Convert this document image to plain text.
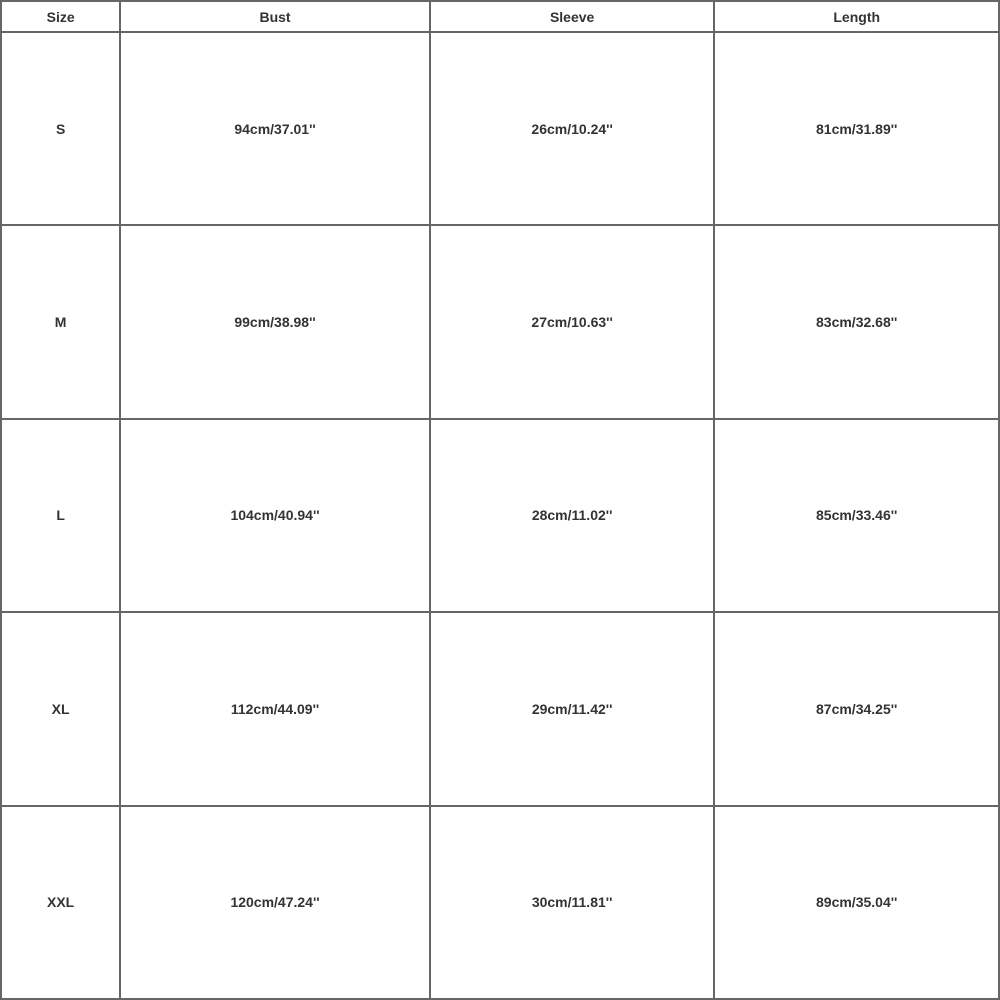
Size	Bust	Sleeve	Length
S	94cm/37.01''	26cm/10.24''	81cm/31.89''
M	99cm/38.98''	27cm/10.63''	83cm/32.68''
L	104cm/40.94''	28cm/11.02''	85cm/33.46''
XL	112cm/44.09''	29cm/11.42''	87cm/34.25''
XXL	120cm/47.24''	30cm/11.81''	89cm/35.04''
